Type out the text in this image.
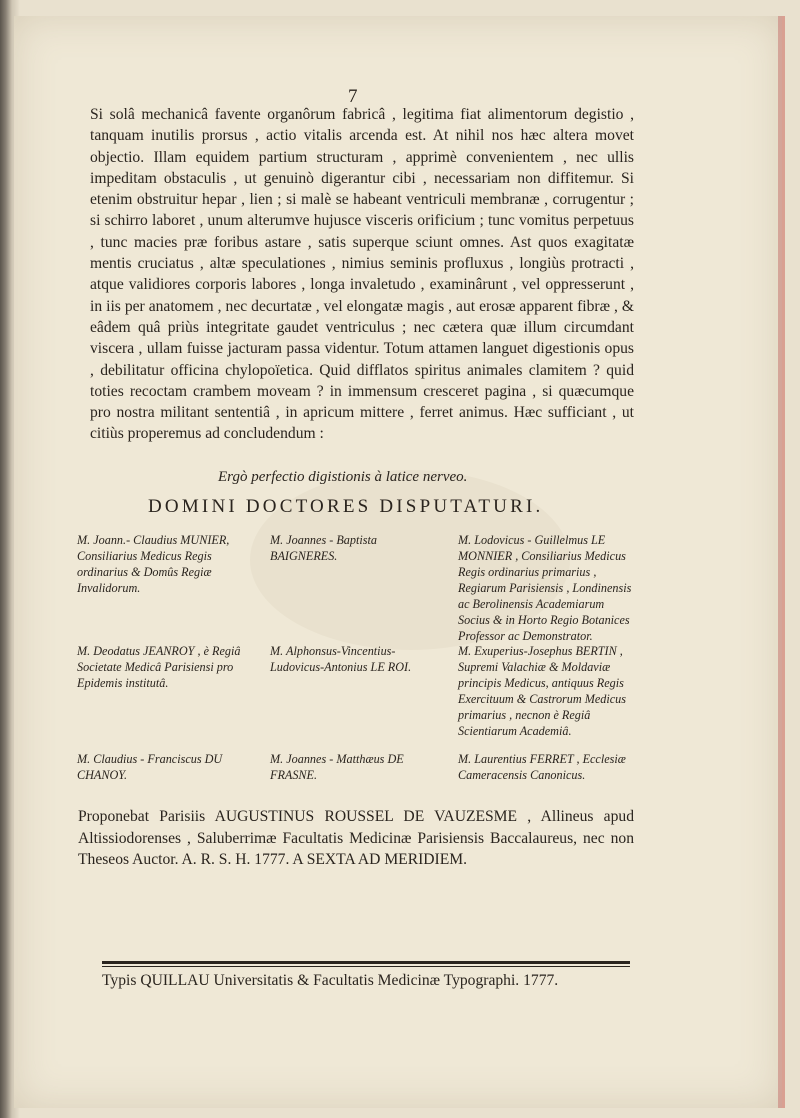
7
Si solâ mechanicâ favente organôrum fabricâ , legitima fiat alimentorum degistio , tanquam inutilis prorsus , actio vitalis arcenda est. At nihil nos hæc altera movet objectio. Illam equidem partium structuram , apprimè convenientem , nec ullis impeditam obstaculis , ut genuinò digerantur cibi , necessariam non diffitemur. Si etenim obstruitur hepar , lien ; si malè se habeant ventriculi membranæ , corrugentur ; si schirro laboret , unum alterumve hujusce visceris orificium ; tunc vomitus perpetuus , tunc macies præ foribus astare , satis superque sciunt omnes. Ast quos exagitatæ mentis cruciatus , altæ speculationes , nimius seminis profluxus , longiùs protracti , atque validiores corporis labores , longa invaletudo , examinârunt , vel oppresserunt , in iis per anatomem , nec decurtatæ , vel elongatæ magis , aut erosæ apparent fibræ , & eâdem quâ priùs integritate gaudet ventriculus ; nec cætera quæ illum circumdant viscera , ullam fuisse jacturam passa videntur. Totum attamen languet digestionis opus , debilitatur officina chylopoïetica. Quid difflatos spiritus animales clamitem ? quid toties recoctam crambem moveam ? in immensum cresceret pagina , si quæcumque pro nostra militant sententiâ , in apricum mittere , ferret animus. Hæc sufficiant , ut citiùs properemus ad concludendum :
Ergò perfectio digistionis à latice nerveo.
DOMINI DOCTORES DISPUTATURI.
M. Joann.- Claudius MUNIER, Consiliarius Medicus Regis ordinarius & Domûs Regiæ Invalidorum.
M. Joannes - Baptista BAIGNERES.
M. Lodovicus - Guillelmus LE MONNIER , Consiliarius Medicus Regis ordinarius primarius , Regiarum Parisiensis , Londinensis ac Berolinensis Academiarum Socius & in Horto Regio Botanices Professor ac Demonstrator.
M. Deodatus JEANROY , è Regiâ Societate Medicâ Parisiensi pro Epidemis institutâ.
M. Alphonsus-Vincentius-Ludovicus-Antonius LE ROI.
M. Exuperius-Josephus BERTIN , Supremi Valachiæ & Moldaviæ principis Medicus, antiquus Regis Exercituum & Castrorum Medicus primarius , necnon è Regiâ Scientiarum Academiâ.
M. Claudius - Franciscus DU CHANOY.
M. Joannes - Matthæus DE FRASNE.
M. Laurentius FERRET , Ecclesiæ Cameracensis Canonicus.
Proponebat Parisiis AUGUSTINUS ROUSSEL DE VAUZESME , Allineus apud Altissiodorenses , Saluberrimæ Facultatis Medicinæ Parisiensis Baccalaureus, nec non Theseos Auctor. A. R. S. H. 1777. A SEXTA AD MERIDIEM.
Typis QUILLAU Universitatis & Facultatis Medicinæ Typographi. 1777.
